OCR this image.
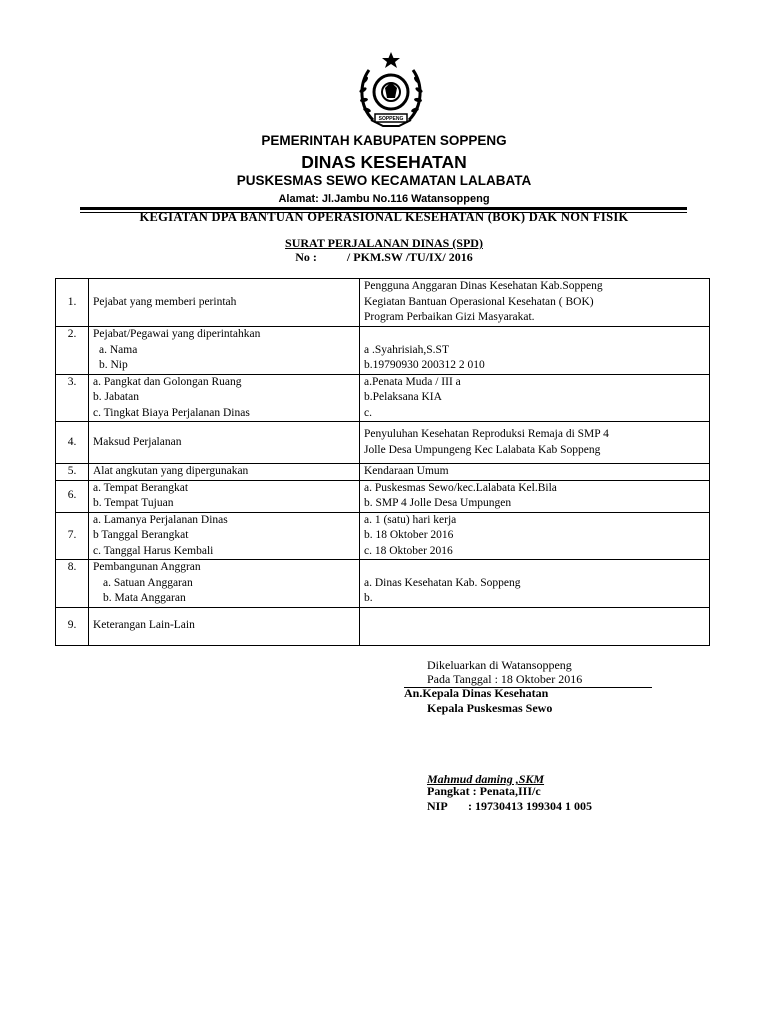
SOPPENG
PEMERINTAH KABUPATEN SOPPENG
DINAS KESEHATAN
PUSKESMAS SEWO KECAMATAN LALABATA
Alamat: Jl.Jambu No.116 Watansoppeng
KEGIATAN DPA BANTUAN OPERASIONAL KESEHATAN (BOK) DAK NON FISIK
SURAT PERJALANAN DINAS (SPD)
No :          / PKM.SW /TU/IX/ 2016
1.	Pejabat yang memberi perintah	Pengguna Anggaran Dinas Kesehatan Kab.Soppeng
Kegiatan Bantuan Operasional Kesehatan ( BOK)
Program Perbaikan Gizi Masyarakat.

2.	Pejabat/Pegawai yang diperintahkan
a. Nama
b. Nip	a .Syahrisiah,S.ST
b.19790930 200312 2 010

3.	a. Pangkat dan Golongan Ruang
b. Jabatan
c. Tingkat Biaya Perjalanan Dinas	a.Penata Muda / III a
b.Pelaksana KIA
c.

4.	Maksud Perjalanan	Penyuluhan Kesehatan Reproduksi Remaja di SMP 4
Jolle Desa Umpungeng Kec Lalabata Kab Soppeng

5.	Alat angkutan yang dipergunakan	Kendaraan Umum

6.	a. Tempat Berangkat
b. Tempat Tujuan	a. Puskesmas Sewo/kec.Lalabata Kel.Bila
b. SMP 4 Jolle Desa Umpungen

7.	a. Lamanya Perjalanan Dinas
b Tanggal Berangkat
c. Tanggal Harus Kembali	a. 1 (satu) hari kerja
b. 18 Oktober 2016
c. 18 Oktober 2016

8.	Pembangunan Anggran
a. Satuan Anggaran
b. Mata Anggaran	a. Dinas Kesehatan Kab. Soppeng
b.

9.	Keterangan Lain-Lain	

Dikeluarkan di Watansoppeng
Pada Tanggal : 18 Oktober 2016
An.Kepala Dinas Kesehatan
Kepala Puskesmas Sewo
Mahmud daming ,SKM
Pangkat : Penata,III/c
NIP       : 19730413 199304 1 005
